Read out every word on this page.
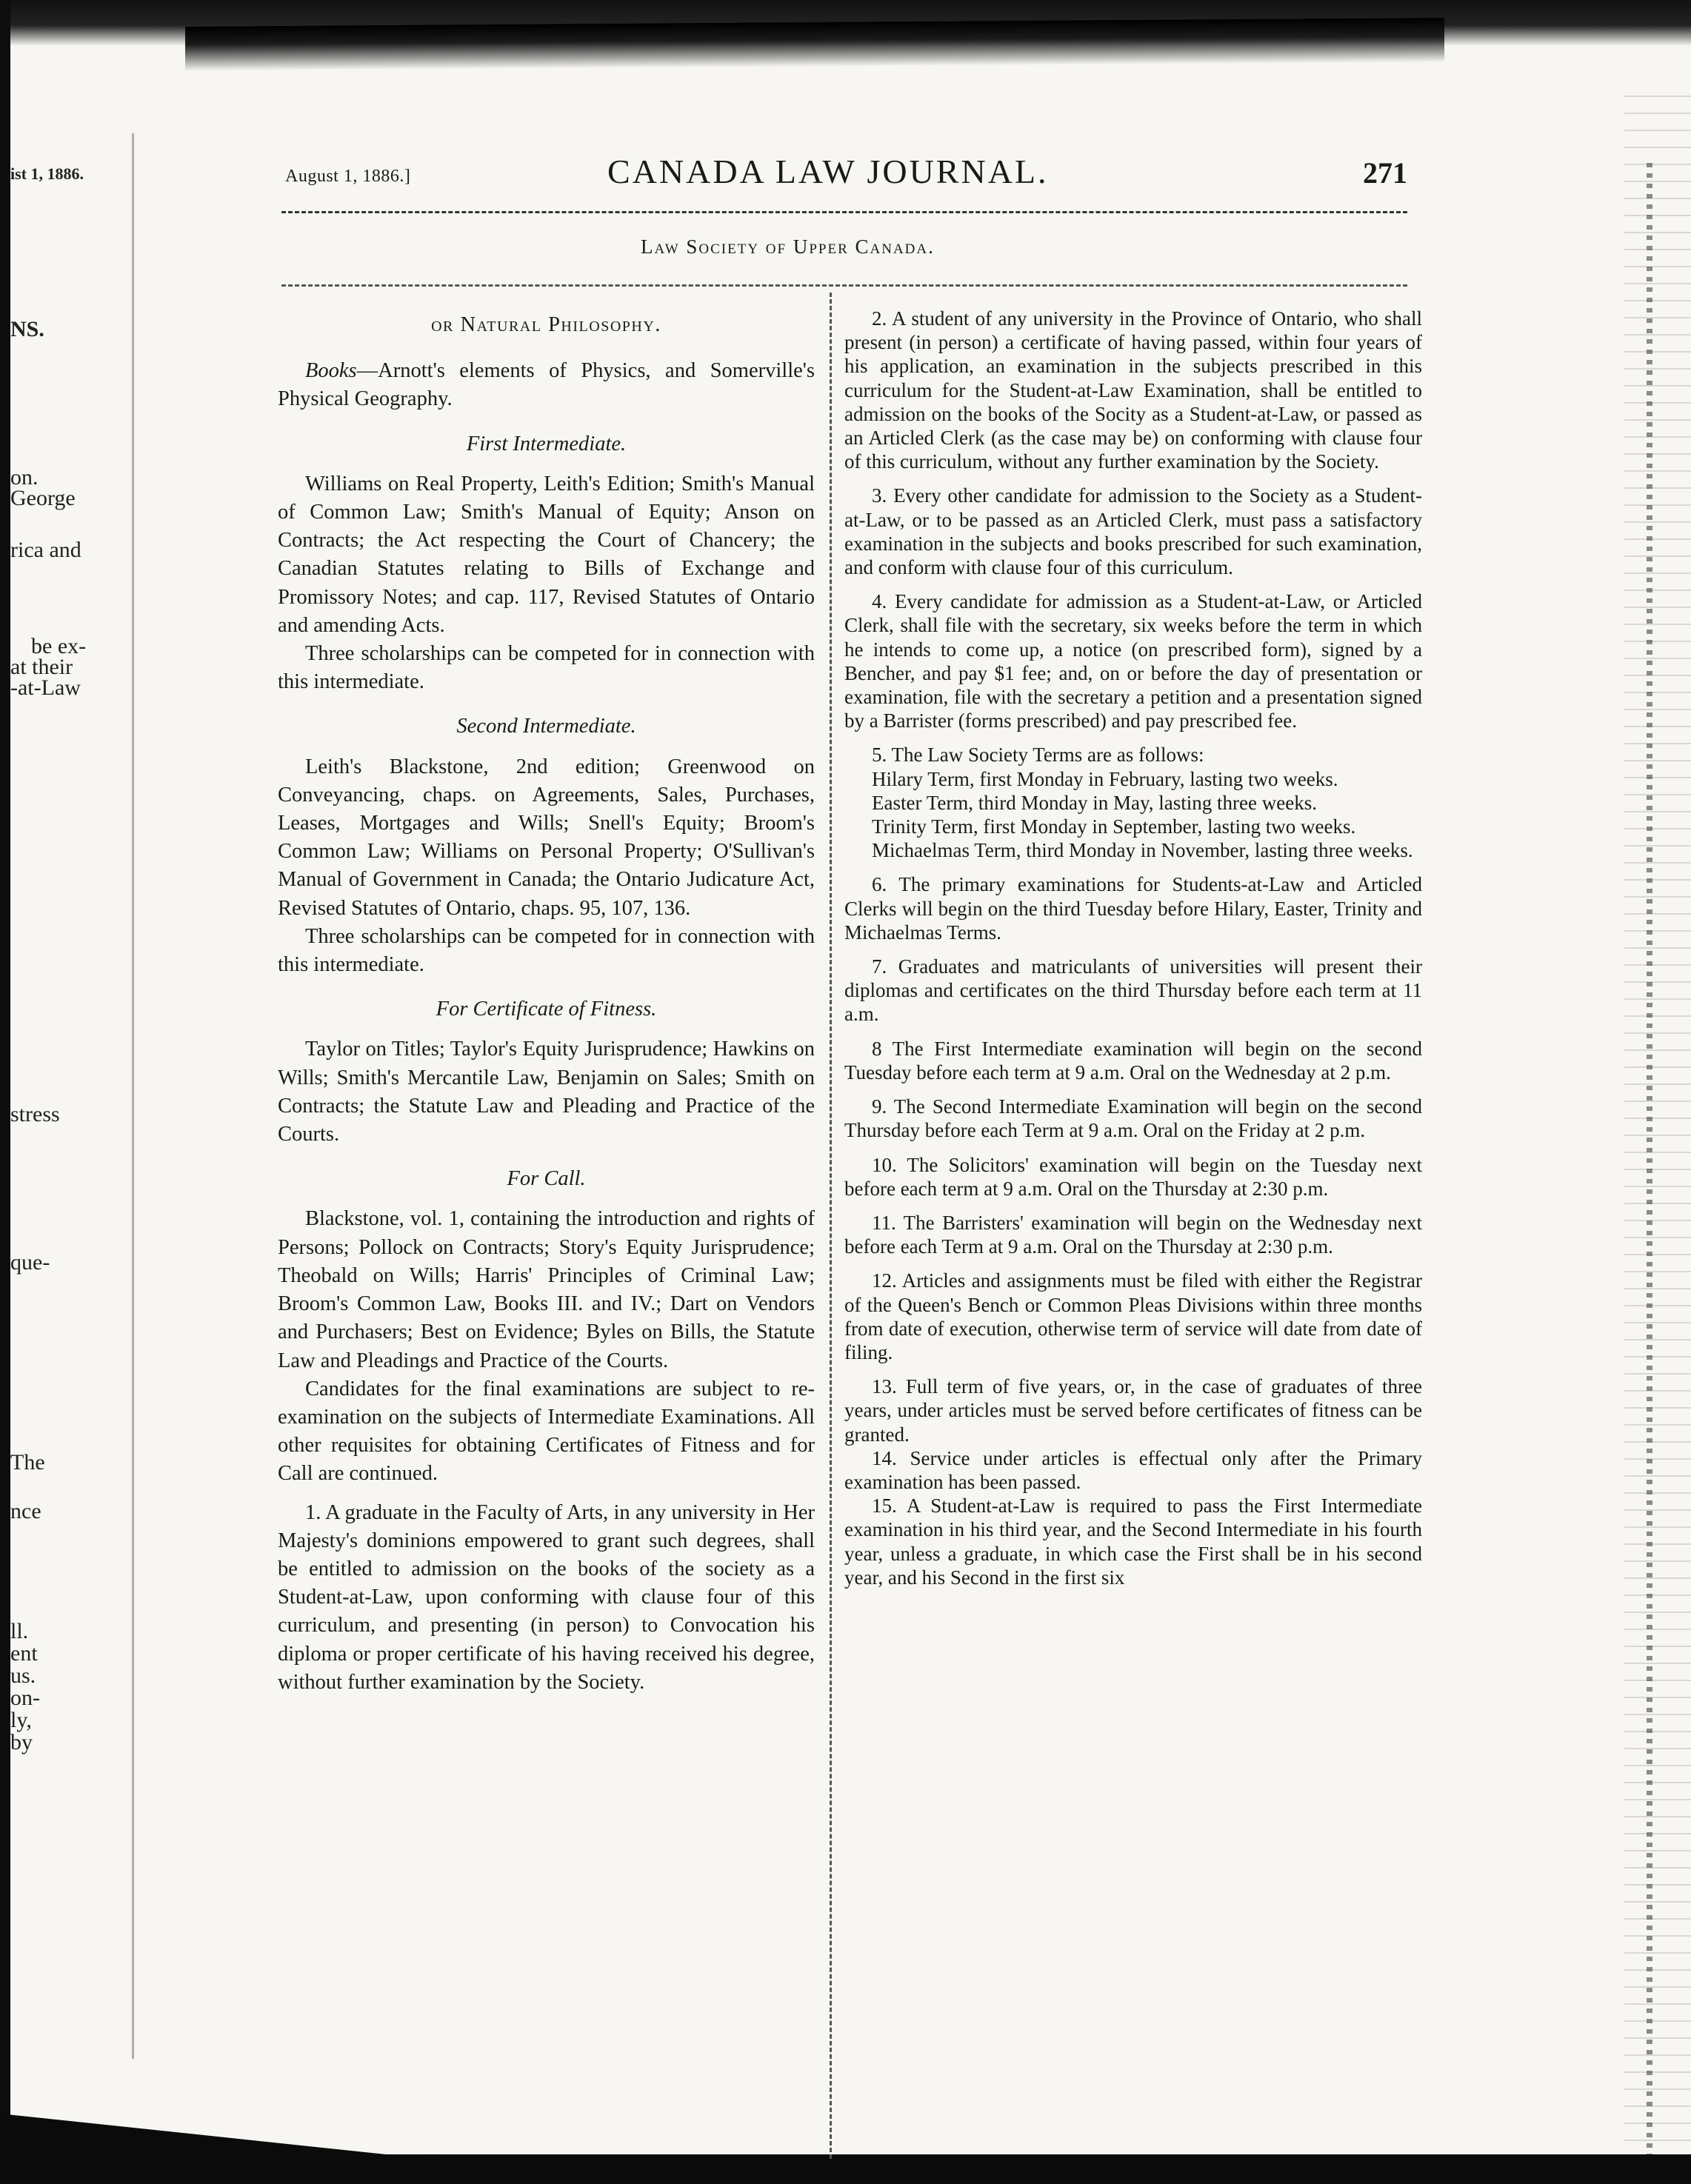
ist 1, 1886.
NS.
on.
George
rica and
be ex-
at their
-at-Law
stress
que-
The
nce
ll.
ent
us.
on-
ly,
by
August 1, 1886.]	CANADA LAW JOURNAL.	271
Law Society of Upper Canada.

or Natural Philosophy.

Books—Arnott's elements of Physics, and Somerville's Physical Geography.

First Intermediate.

Williams on Real Property, Leith's Edition; Smith's Manual of Common Law; Smith's Manual of Equity; Anson on Contracts; the Act respecting the Court of Chancery; the Canadian Statutes relating to Bills of Exchange and Promissory Notes; and cap. 117, Revised Statutes of Ontario and amending Acts.

Three scholarships can be competed for in connection with this intermediate.

Second Intermediate.

Leith's Blackstone, 2nd edition; Greenwood on Conveyancing, chaps. on Agreements, Sales, Purchases, Leases, Mortgages and Wills; Snell's Equity; Broom's Common Law; Williams on Personal Property; O'Sullivan's Manual of Government in Canada; the Ontario Judicature Act, Revised Statutes of Ontario, chaps. 95, 107, 136.

Three scholarships can be competed for in connection with this intermediate.

For Certificate of Fitness.

Taylor on Titles; Taylor's Equity Jurisprudence; Hawkins on Wills; Smith's Mercantile Law, Benjamin on Sales; Smith on Contracts; the Statute Law and Pleading and Practice of the Courts.

For Call.

Blackstone, vol. 1, containing the introduction and rights of Persons; Pollock on Contracts; Story's Equity Jurisprudence; Theobald on Wills; Harris' Principles of Criminal Law; Broom's Common Law, Books III. and IV.; Dart on Vendors and Purchasers; Best on Evidence; Byles on Bills, the Statute Law and Pleadings and Practice of the Courts.

Candidates for the final examinations are subject to re-examination on the subjects of Intermediate Examinations. All other requisites for obtaining Certificates of Fitness and for Call are continued.

1. A graduate in the Faculty of Arts, in any university in Her Majesty's dominions empowered to grant such degrees, shall be entitled to admission on the books of the society as a Student-at-Law, upon conforming with clause four of this curriculum, and presenting (in person) to Convocation his diploma or proper certificate of his having received his degree, without further examination by the Society.

2. A student of any university in the Province of Ontario, who shall present (in person) a certificate of having passed, within four years of his application, an examination in the subjects prescribed in this curriculum for the Student-at-Law Examination, shall be entitled to admission on the books of the Socity as a Student-at-Law, or passed as an Articled Clerk (as the case may be) on conforming with clause four of this curriculum, without any further examination by the Society.

3. Every other candidate for admission to the Society as a Student-at-Law, or to be passed as an Articled Clerk, must pass a satisfactory examination in the subjects and books prescribed for such examination, and conform with clause four of this curriculum.

4. Every candidate for admission as a Student-at-Law, or Articled Clerk, shall file with the secretary, six weeks before the term in which he intends to come up, a notice (on prescribed form), signed by a Bencher, and pay $1 fee; and, on or before the day of presentation or examination, file with the secretary a petition and a presentation signed by a Barrister (forms prescribed) and pay prescribed fee.

5. The Law Society Terms are as follows:

Hilary Term, first Monday in February, lasting two weeks.

Easter Term, third Monday in May, lasting three weeks.

Trinity Term, first Monday in September, lasting two weeks.

Michaelmas Term, third Monday in November, lasting three weeks.

6. The primary examinations for Students-at-Law and Articled Clerks will begin on the third Tuesday before Hilary, Easter, Trinity and Michaelmas Terms.

7. Graduates and matriculants of universities will present their diplomas and certificates on the third Thursday before each term at 11 a.m.

8 The First Intermediate examination will begin on the second Tuesday before each term at 9 a.m. Oral on the Wednesday at 2 p.m.

9. The Second Intermediate Examination will begin on the second Thursday before each Term at 9 a.m. Oral on the Friday at 2 p.m.

10. The Solicitors' examination will begin on the Tuesday next before each term at 9 a.m. Oral on the Thursday at 2:30 p.m.

11. The Barristers' examination will begin on the Wednesday next before each Term at 9 a.m. Oral on the Thursday at 2:30 p.m.

12. Articles and assignments must be filed with either the Registrar of the Queen's Bench or Common Pleas Divisions within three months from date of execution, otherwise term of service will date from date of filing.

13. Full term of five years, or, in the case of graduates of three years, under articles must be served before certificates of fitness can be granted.

14. Service under articles is effectual only after the Primary examination has been passed.

15. A Student-at-Law is required to pass the First Intermediate examination in his third year, and the Second Intermediate in his fourth year, unless a graduate, in which case the First shall be in his second year, and his Second in the first six
